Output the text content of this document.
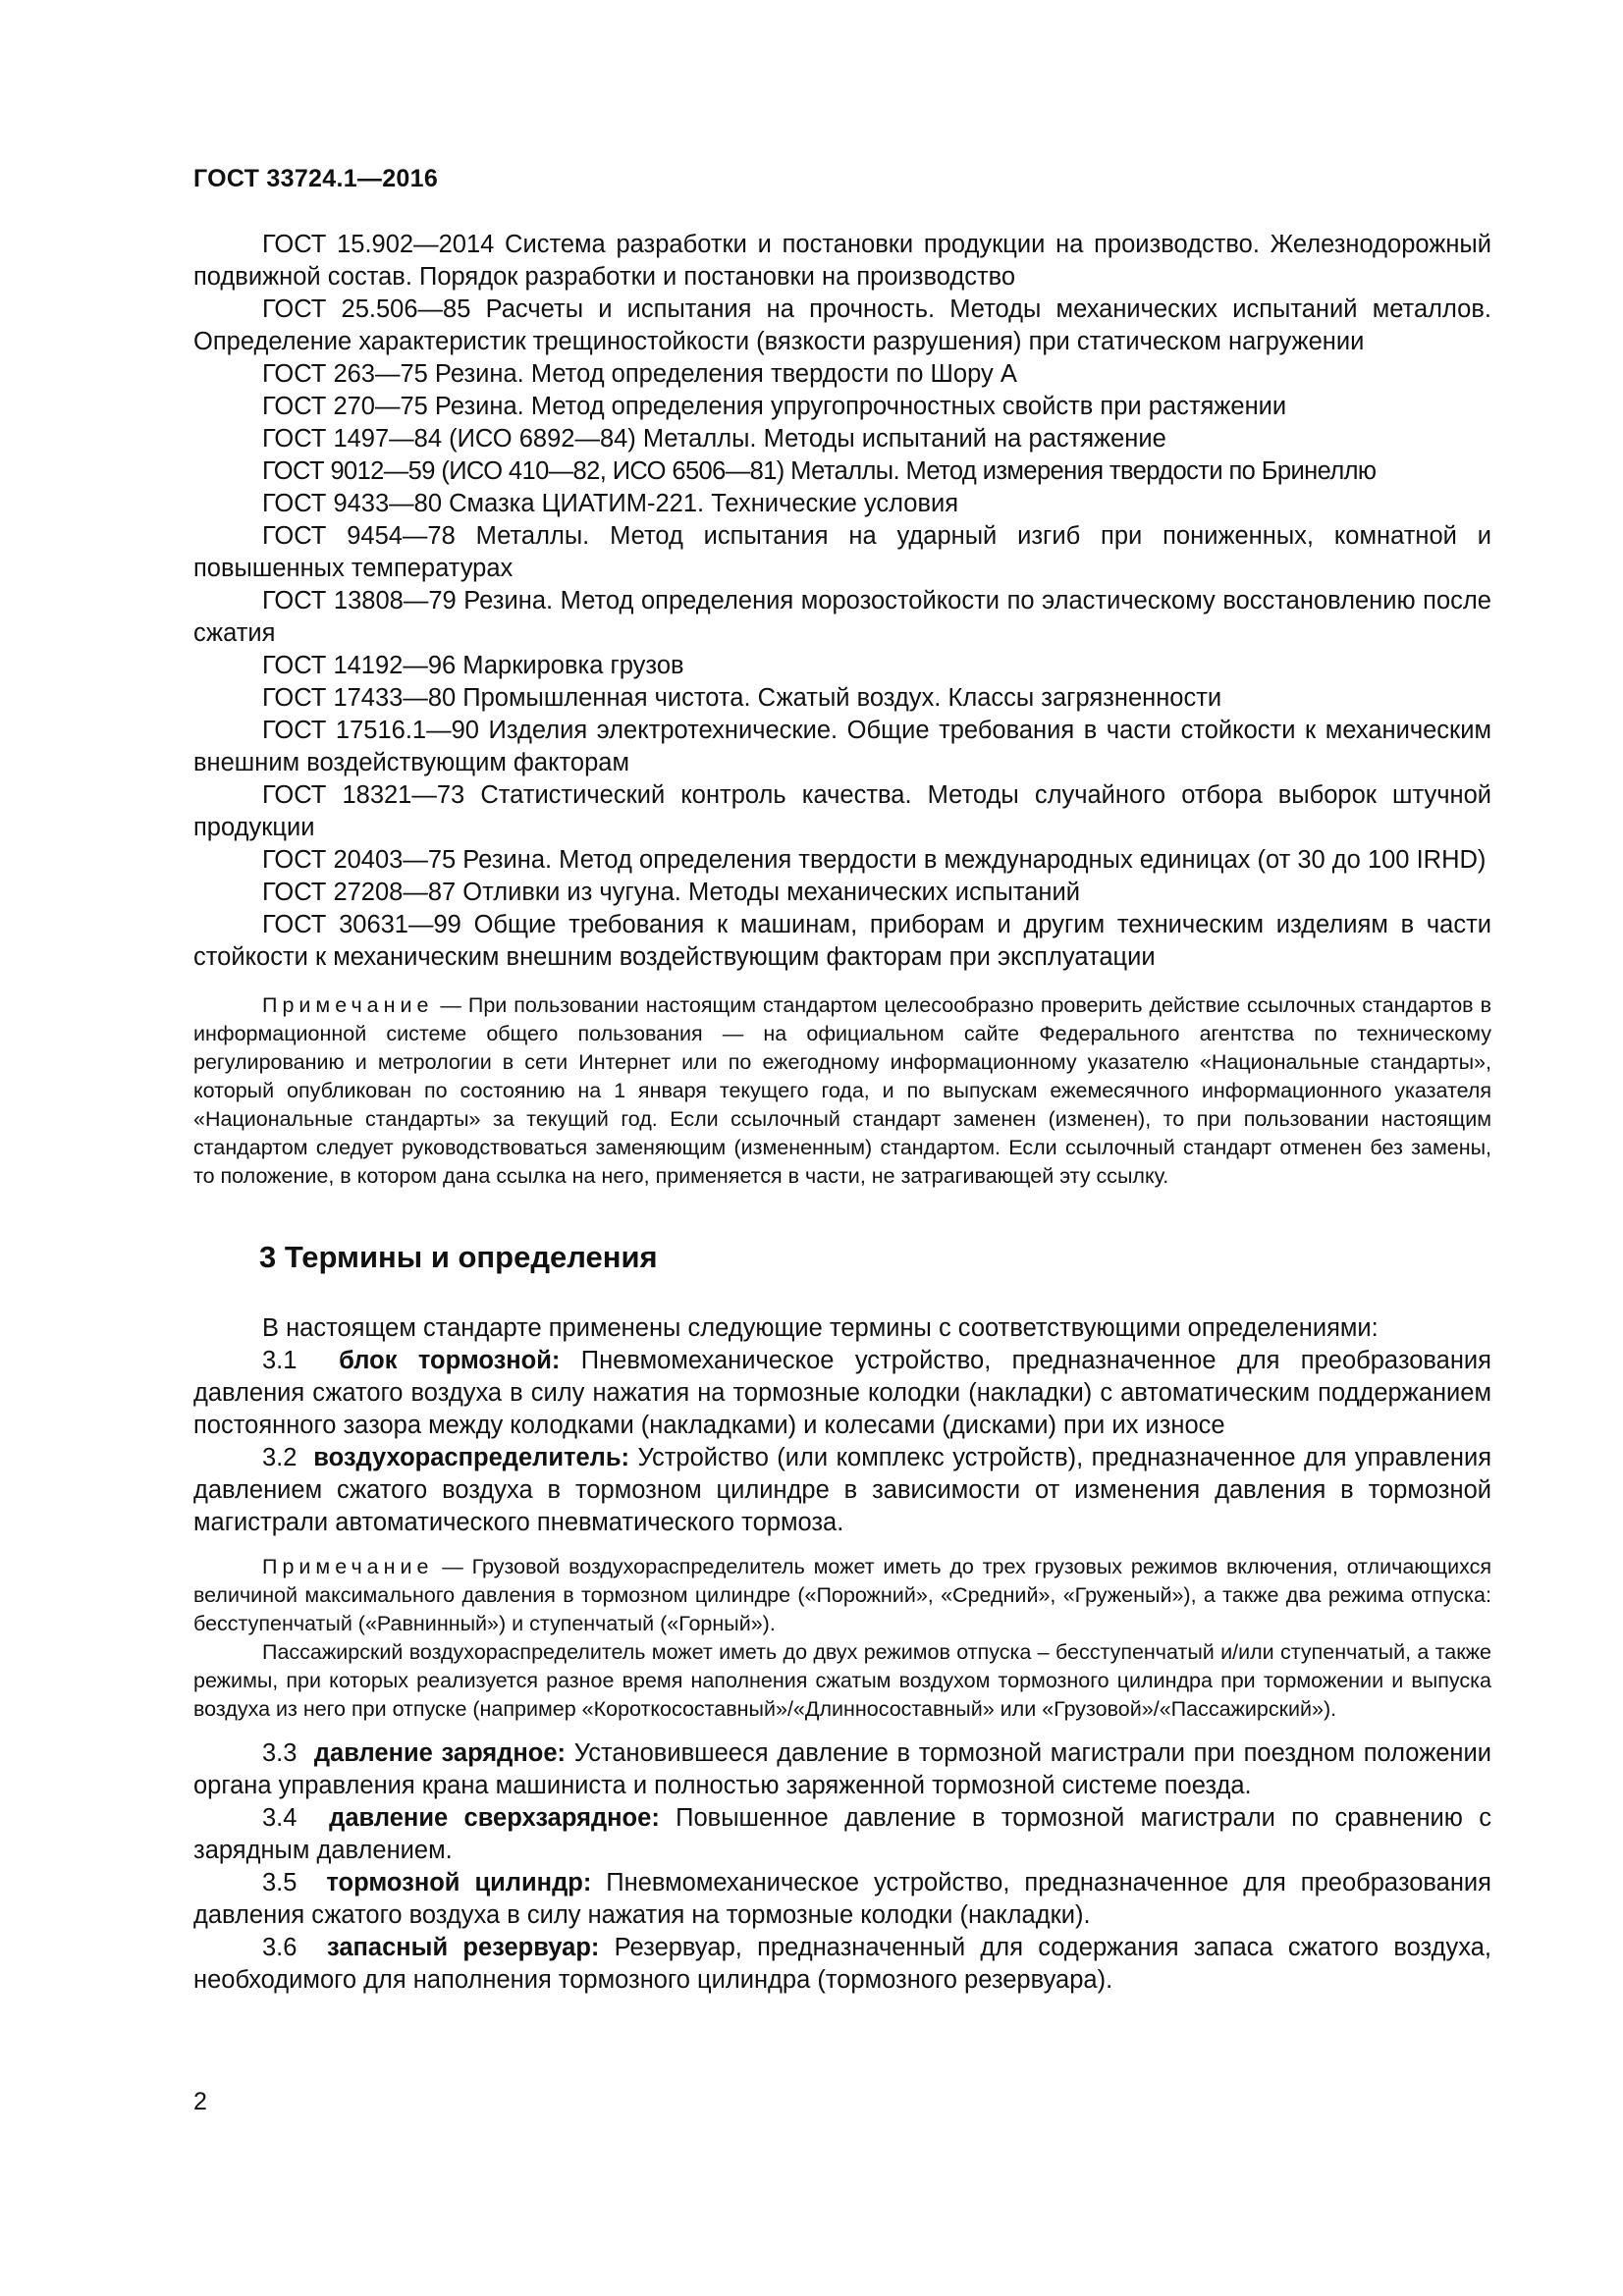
ГОСТ 33724.1—2016

ГОСТ 15.902—2014 Система разработки и постановки продукции на производство. Железнодорожный подвижной состав. Порядок разработки и постановки на производство

ГОСТ 25.506—85 Расчеты и испытания на прочность. Методы механических испытаний металлов. Определение характеристик трещиностойкости (вязкости разрушения) при статическом нагружении

ГОСТ 263—75 Резина. Метод определения твердости по Шору А

ГОСТ 270—75 Резина. Метод определения упругопрочностных свойств при растяжении

ГОСТ 1497—84 (ИСО 6892—84) Металлы. Методы испытаний на растяжение

ГОСТ 9012—59 (ИСО 410—82, ИСО 6506—81) Металлы. Метод измерения твердости по Бринеллю

ГОСТ 9433—80 Смазка ЦИАТИМ-221. Технические условия

ГОСТ 9454—78 Металлы. Метод испытания на ударный изгиб при пониженных, комнатной и повышенных температурах

ГОСТ 13808—79 Резина. Метод определения морозостойкости по эластическому восстановлению после сжатия

ГОСТ 14192—96 Маркировка грузов

ГОСТ 17433—80 Промышленная чистота. Сжатый воздух. Классы загрязненности

ГОСТ 17516.1—90 Изделия электротехнические. Общие требования в части стойкости к механическим внешним воздействующим факторам

ГОСТ 18321—73 Статистический контроль качества. Методы случайного отбора выборок штучной продукции

ГОСТ 20403—75 Резина. Метод определения твердости в международных единицах (от 30 до 100 IRHD)

ГОСТ 27208—87 Отливки из чугуна. Методы механических испытаний

ГОСТ 30631—99 Общие требования к машинам, приборам и другим техническим изделиям в части стойкости к механическим внешним воздействующим факторам при эксплуатации

Примечание — При пользовании настоящим стандартом целесообразно проверить действие ссылочных стандартов в информационной системе общего пользования — на официальном сайте Федерального агентства по техническому регулированию и метрологии в сети Интернет или по ежегодному информационному указателю «Национальные стандарты», который опубликован по состоянию на 1 января текущего года, и по выпускам ежемесячного информационного указателя «Национальные стандарты» за текущий год. Если ссылочный стандарт заменен (изменен), то при пользовании настоящим стандартом следует руководствоваться заменяющим (измененным) стандартом. Если ссылочный стандарт отменен без замены, то положение, в котором дана ссылка на него, применяется в части, не затрагивающей эту ссылку.

3 Термины и определения

В настоящем стандарте применены следующие термины с соответствующими определениями:

3.1 блок тормозной: Пневмомеханическое устройство, предназначенное для преобразования давления сжатого воздуха в силу нажатия на тормозные колодки (накладки) с автоматическим поддержанием постоянного зазора между колодками (накладками) и колесами (дисками) при их износе

3.2 воздухораспределитель: Устройство (или комплекс устройств), предназначенное для управления давлением сжатого воздуха в тормозном цилиндре в зависимости от изменения давления в тормозной магистрали автоматического пневматического тормоза.

Примечание — Грузовой воздухораспределитель может иметь до трех грузовых режимов включения, отличающихся величиной максимального давления в тормозном цилиндре («Порожний», «Средний», «Груженый»), а также два режима отпуска: бесступенчатый («Равнинный») и ступенчатый («Горный»).

Пассажирский воздухораспределитель может иметь до двух режимов отпуска – бесступенчатый и/или ступенчатый, а также режимы, при которых реализуется разное время наполнения сжатым воздухом тормозного цилиндра при торможении и выпуска воздуха из него при отпуске (например «Короткосоставный»/«Длинносоставный» или «Грузовой»/«Пассажирский»).

3.3 давление зарядное: Установившееся давление в тормозной магистрали при поездном положении органа управления крана машиниста и полностью заряженной тормозной системе поезда.

3.4 давление сверхзарядное: Повышенное давление в тормозной магистрали по сравнению с зарядным давлением.

3.5 тормозной цилиндр: Пневмомеханическое устройство, предназначенное для преобразования давления сжатого воздуха в силу нажатия на тормозные колодки (накладки).

3.6 запасный резервуар: Резервуар, предназначенный для содержания запаса сжатого воздуха, необходимого для наполнения тормозного цилиндра (тормозного резервуара).

2
